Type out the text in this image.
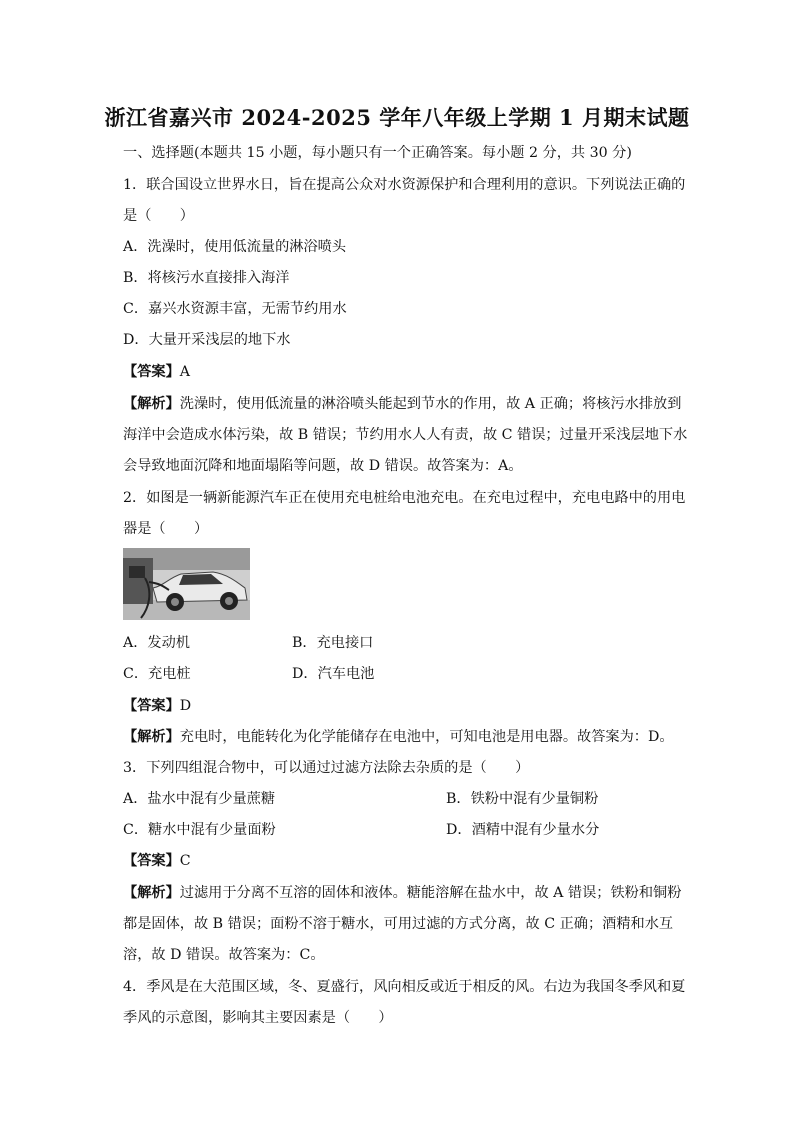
浙江省嘉兴市 2024-2025 学年八年级上学期 1 月期末试题
一、选择题(本题共 15 小题，每小题只有一个正确答案。每小题 2 分，共 30 分)
1．联合国设立世界水日，旨在提高公众对水资源保护和合理利用的意识。下列说法正确的
是（　　）
A．洗澡时，使用低流量的淋浴喷头
B．将核污水直接排入海洋
C．嘉兴水资源丰富，无需节约用水
D．大量开采浅层的地下水
【答案】A
【解析】洗澡时，使用低流量的淋浴喷头能起到节水的作用，故 A 正确；将核污水排放到
海洋中会造成水体污染，故 B 错误；节约用水人人有责，故 C 错误；过量开采浅层地下水
会导致地面沉降和地面塌陷等问题，故 D 错误。故答案为：A。
2．如图是一辆新能源汽车正在使用充电桩给电池充电。在充电过程中，充电电路中的用电
器是（　　）
A．发动机	B．充电接口
C．充电桩	D．汽车电池
【答案】D
【解析】充电时，电能转化为化学能储存在电池中，可知电池是用电器。故答案为：D。
3．下列四组混合物中，可以通过过滤方法除去杂质的是（　　）
A．盐水中混有少量蔗糖	B．铁粉中混有少量铜粉
C．糖水中混有少量面粉	D．酒精中混有少量水分
【答案】C
【解析】过滤用于分离不互溶的固体和液体。糖能溶解在盐水中，故 A 错误；铁粉和铜粉
都是固体，故 B 错误；面粉不溶于糖水，可用过滤的方式分离，故 C 正确；酒精和水互
溶，故 D 错误。故答案为：C。
4．季风是在大范围区域，冬、夏盛行，风向相反或近于相反的风。右边为我国冬季风和夏
季风的示意图，影响其主要因素是（　　）
